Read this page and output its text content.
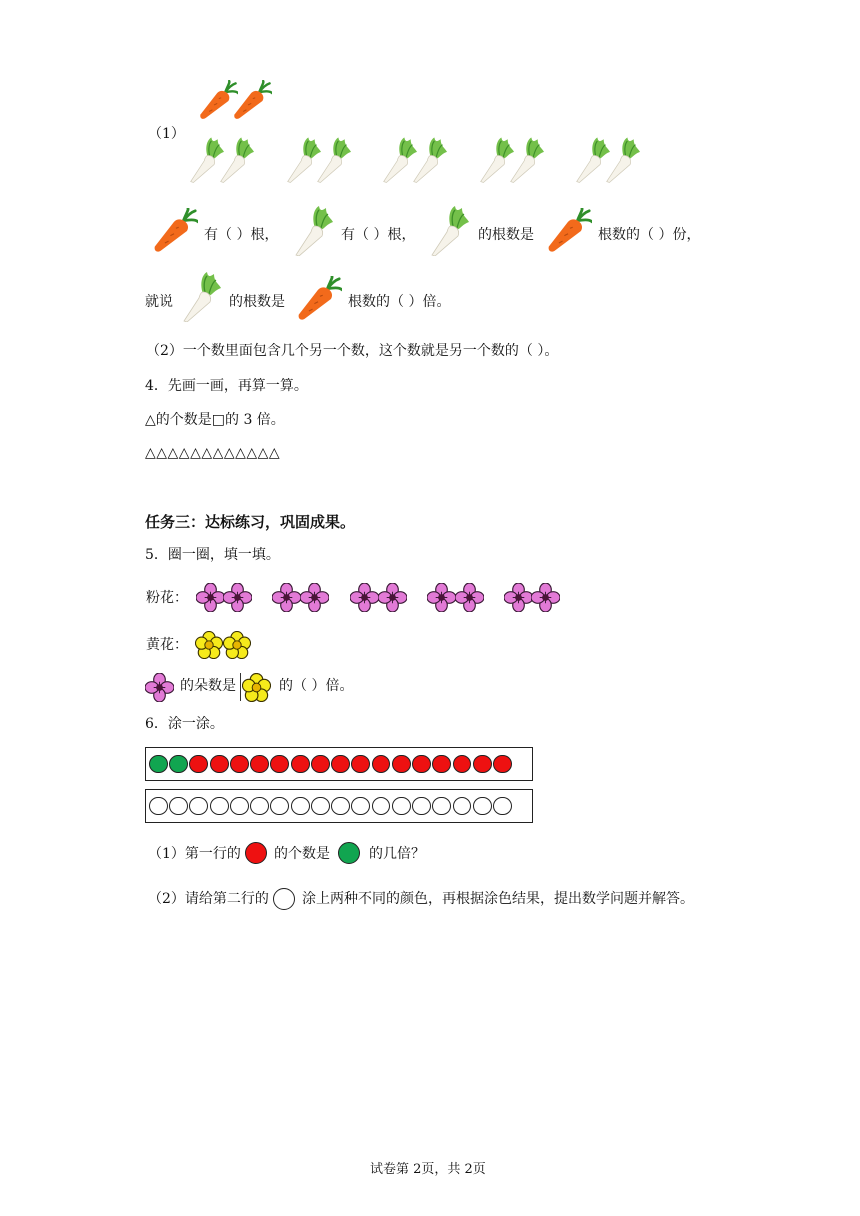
（1）
有（ ）根，	有（ ）根，	的根数是	根数的（ ）份，
就说	的根数是	根数的（ ）倍。
（2）一个数里面包含几个另一个数，这个数就是另一个数的（ ）。
4．先画一画，再算一算。
△的个数是□的 3 倍。
△△△△△△△△△△△△
任务三：达标练习，巩固成果。
5．圈一圈，填一填。
粉花：
黄花：
的朵数是	的（ ）倍。
6．涂一涂。
（1）第一行的 的个数是	的几倍？
（2）请给第二行的 涂上两种不同的颜色，再根据涂色结果，提出数学问题并解答。
试卷第 2页，共 2页
